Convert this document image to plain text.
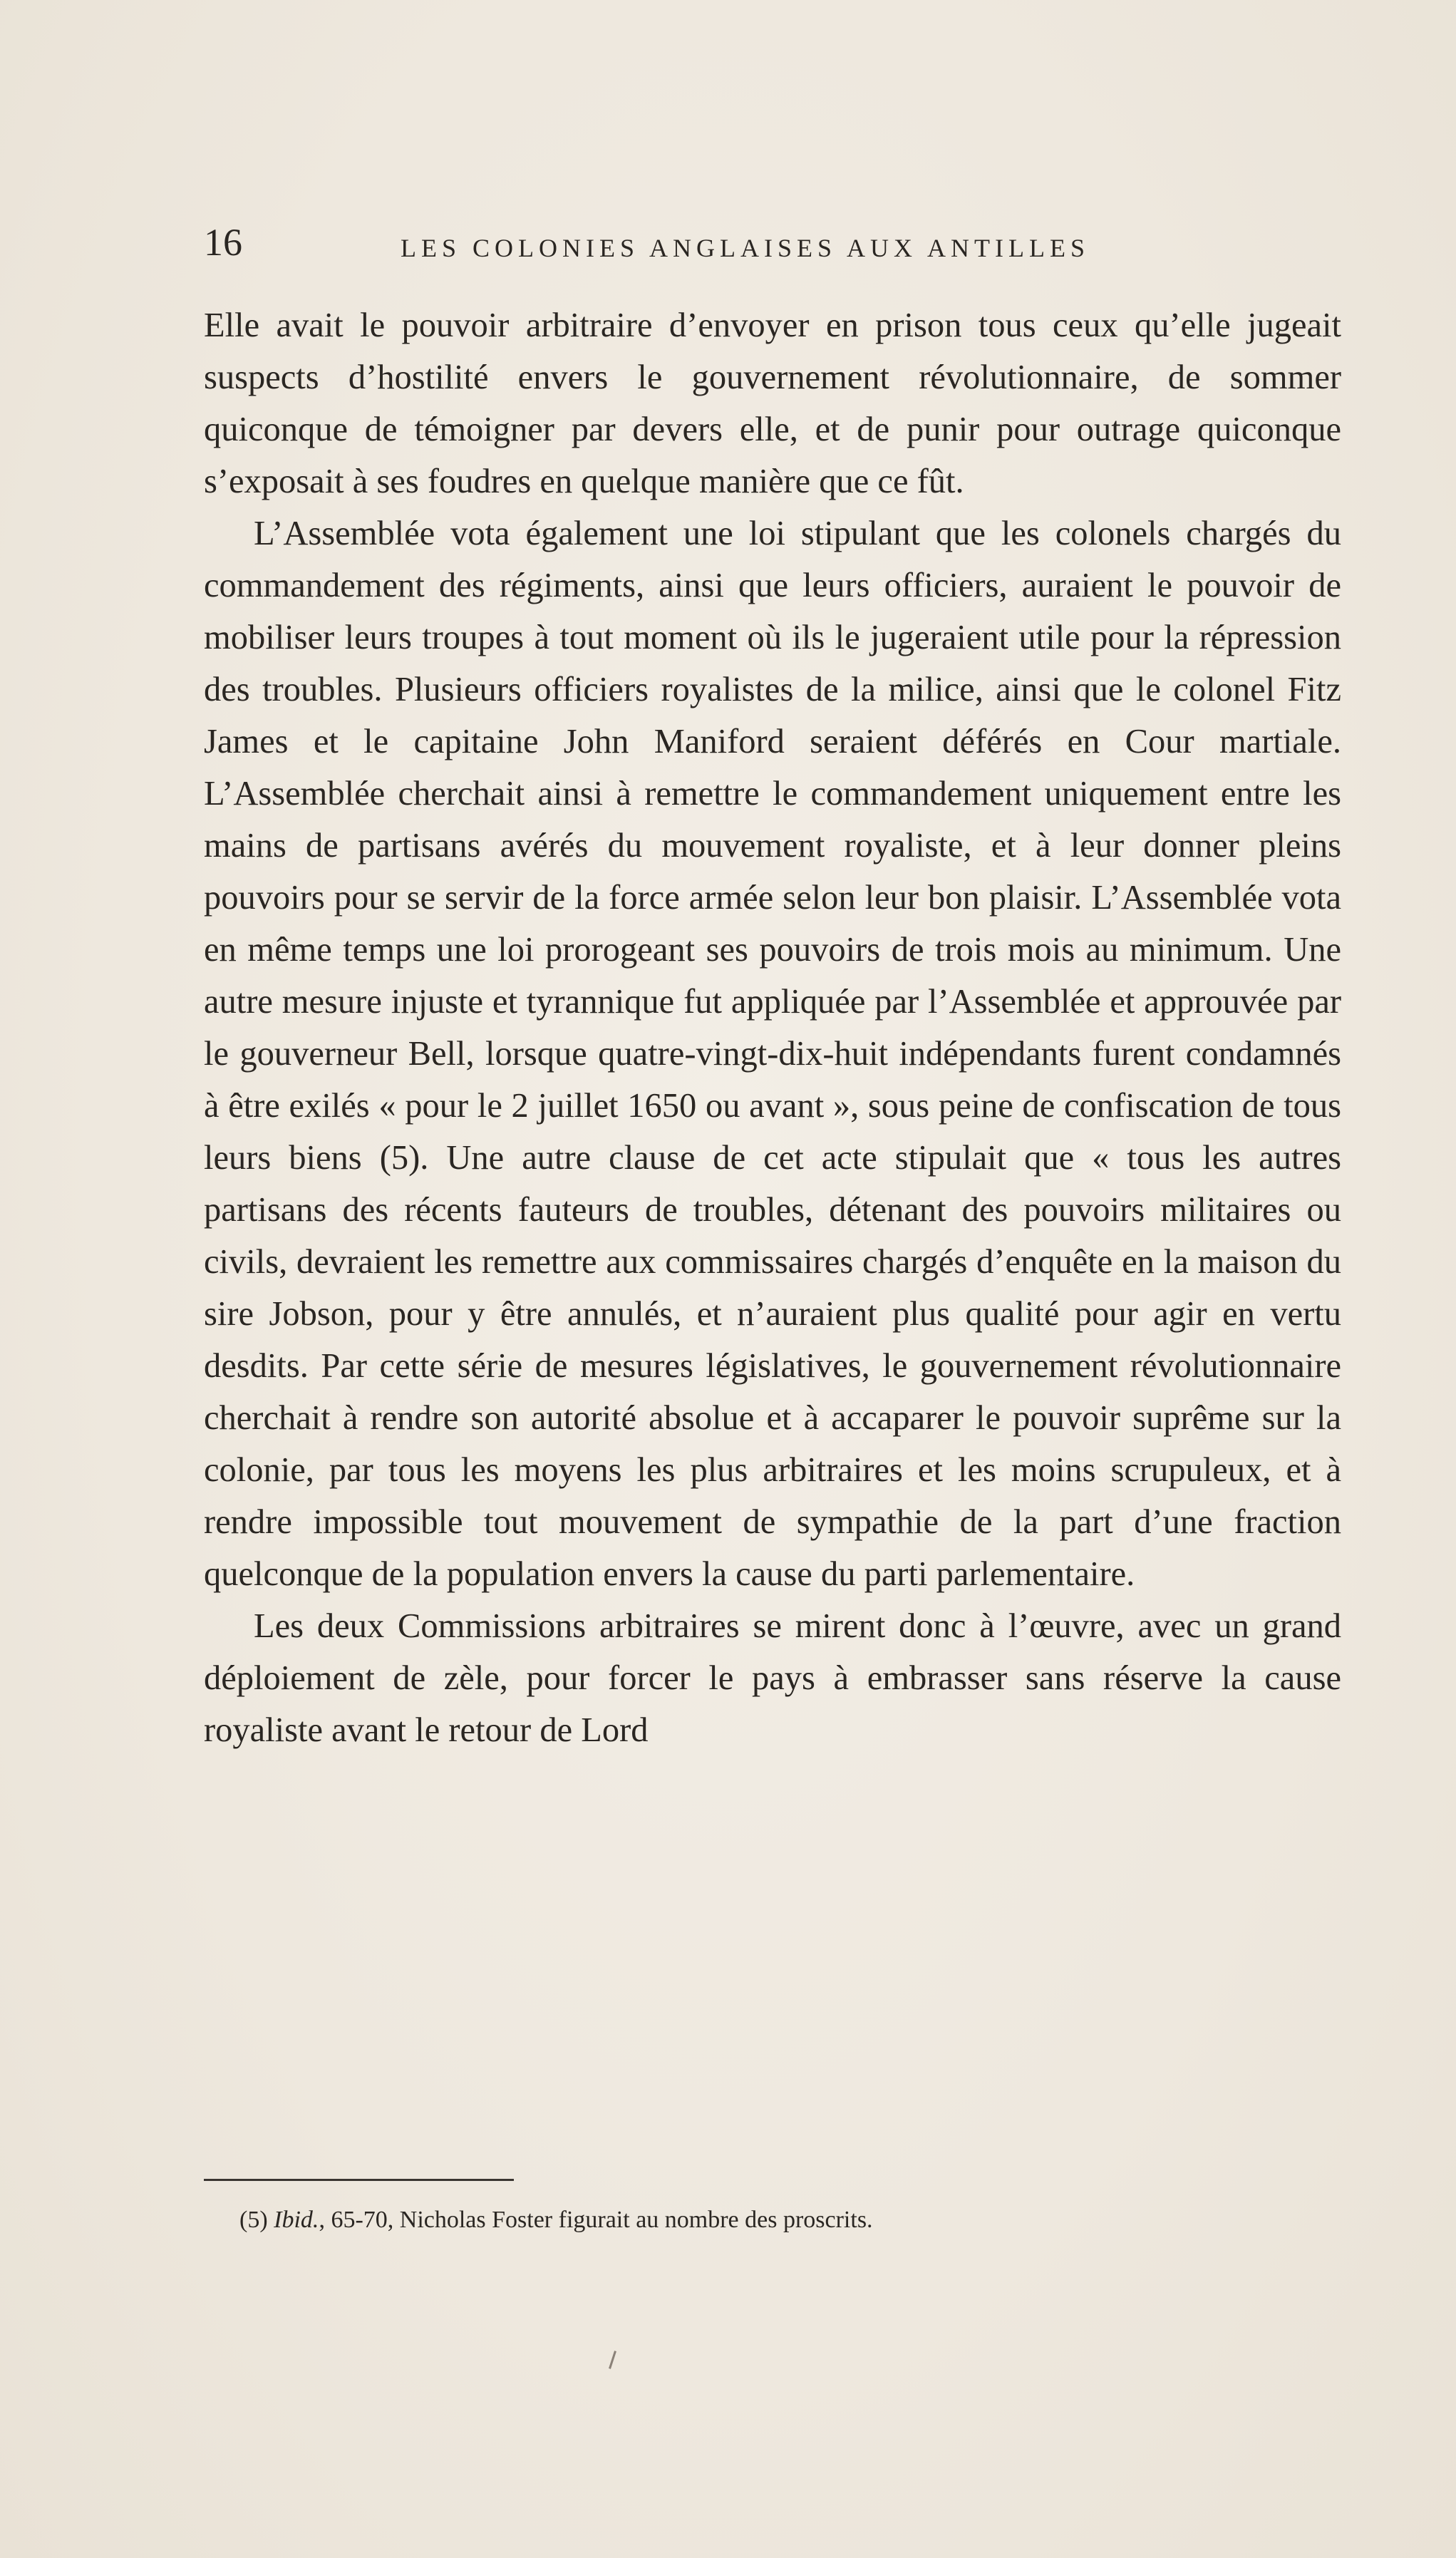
16	LES COLONIES ANGLAISES AUX ANTILLES

Elle avait le pouvoir arbitraire d’envoyer en prison tous ceux qu’elle jugeait suspects d’hostilité envers le gouvernement révolutionnaire, de sommer quiconque de témoigner par devers elle, et de punir pour outrage quiconque s’exposait à ses foudres en quelque manière que ce fût.

L’Assemblée vota également une loi stipulant que les colonels chargés du commandement des régiments, ainsi que leurs officiers, auraient le pouvoir de mobiliser leurs troupes à tout moment où ils le jugeraient utile pour la répression des troubles. Plusieurs officiers royalistes de la milice, ainsi que le colonel Fitz James et le capitaine John Maniford seraient déférés en Cour martiale. L’Assemblée cherchait ainsi à remettre le commandement uniquement entre les mains de partisans avérés du mouvement royaliste, et à leur donner pleins pouvoirs pour se servir de la force armée selon leur bon plaisir. L’Assemblée vota en même temps une loi prorogeant ses pouvoirs de trois mois au minimum. Une autre mesure injuste et tyrannique fut appliquée par l’Assemblée et approuvée par le gouverneur Bell, lorsque quatre-vingt-dix-huit indépendants furent condamnés à être exilés « pour le 2 juillet 1650 ou avant », sous peine de confiscation de tous leurs biens (5). Une autre clause de cet acte stipulait que « tous les autres partisans des récents fauteurs de troubles, détenant des pouvoirs militaires ou civils, devraient les remettre aux commissaires chargés d’enquête en la maison du sire Jobson, pour y être annulés, et n’auraient plus qualité pour agir en vertu desdits. Par cette série de mesures législatives, le gouvernement révolutionnaire cherchait à rendre son autorité absolue et à accaparer le pouvoir suprême sur la colonie, par tous les moyens les plus arbitraires et les moins scrupuleux, et à rendre impossible tout mouvement de sympathie de la part d’une fraction quelconque de la population envers la cause du parti parlementaire.

Les deux Commissions arbitraires se mirent donc à l’œuvre, avec un grand déploiement de zèle, pour forcer le pays à embrasser sans réserve la cause royaliste avant le retour de Lord

(5) Ibid., 65-70, Nicholas Foster figurait au nombre des proscrits.
